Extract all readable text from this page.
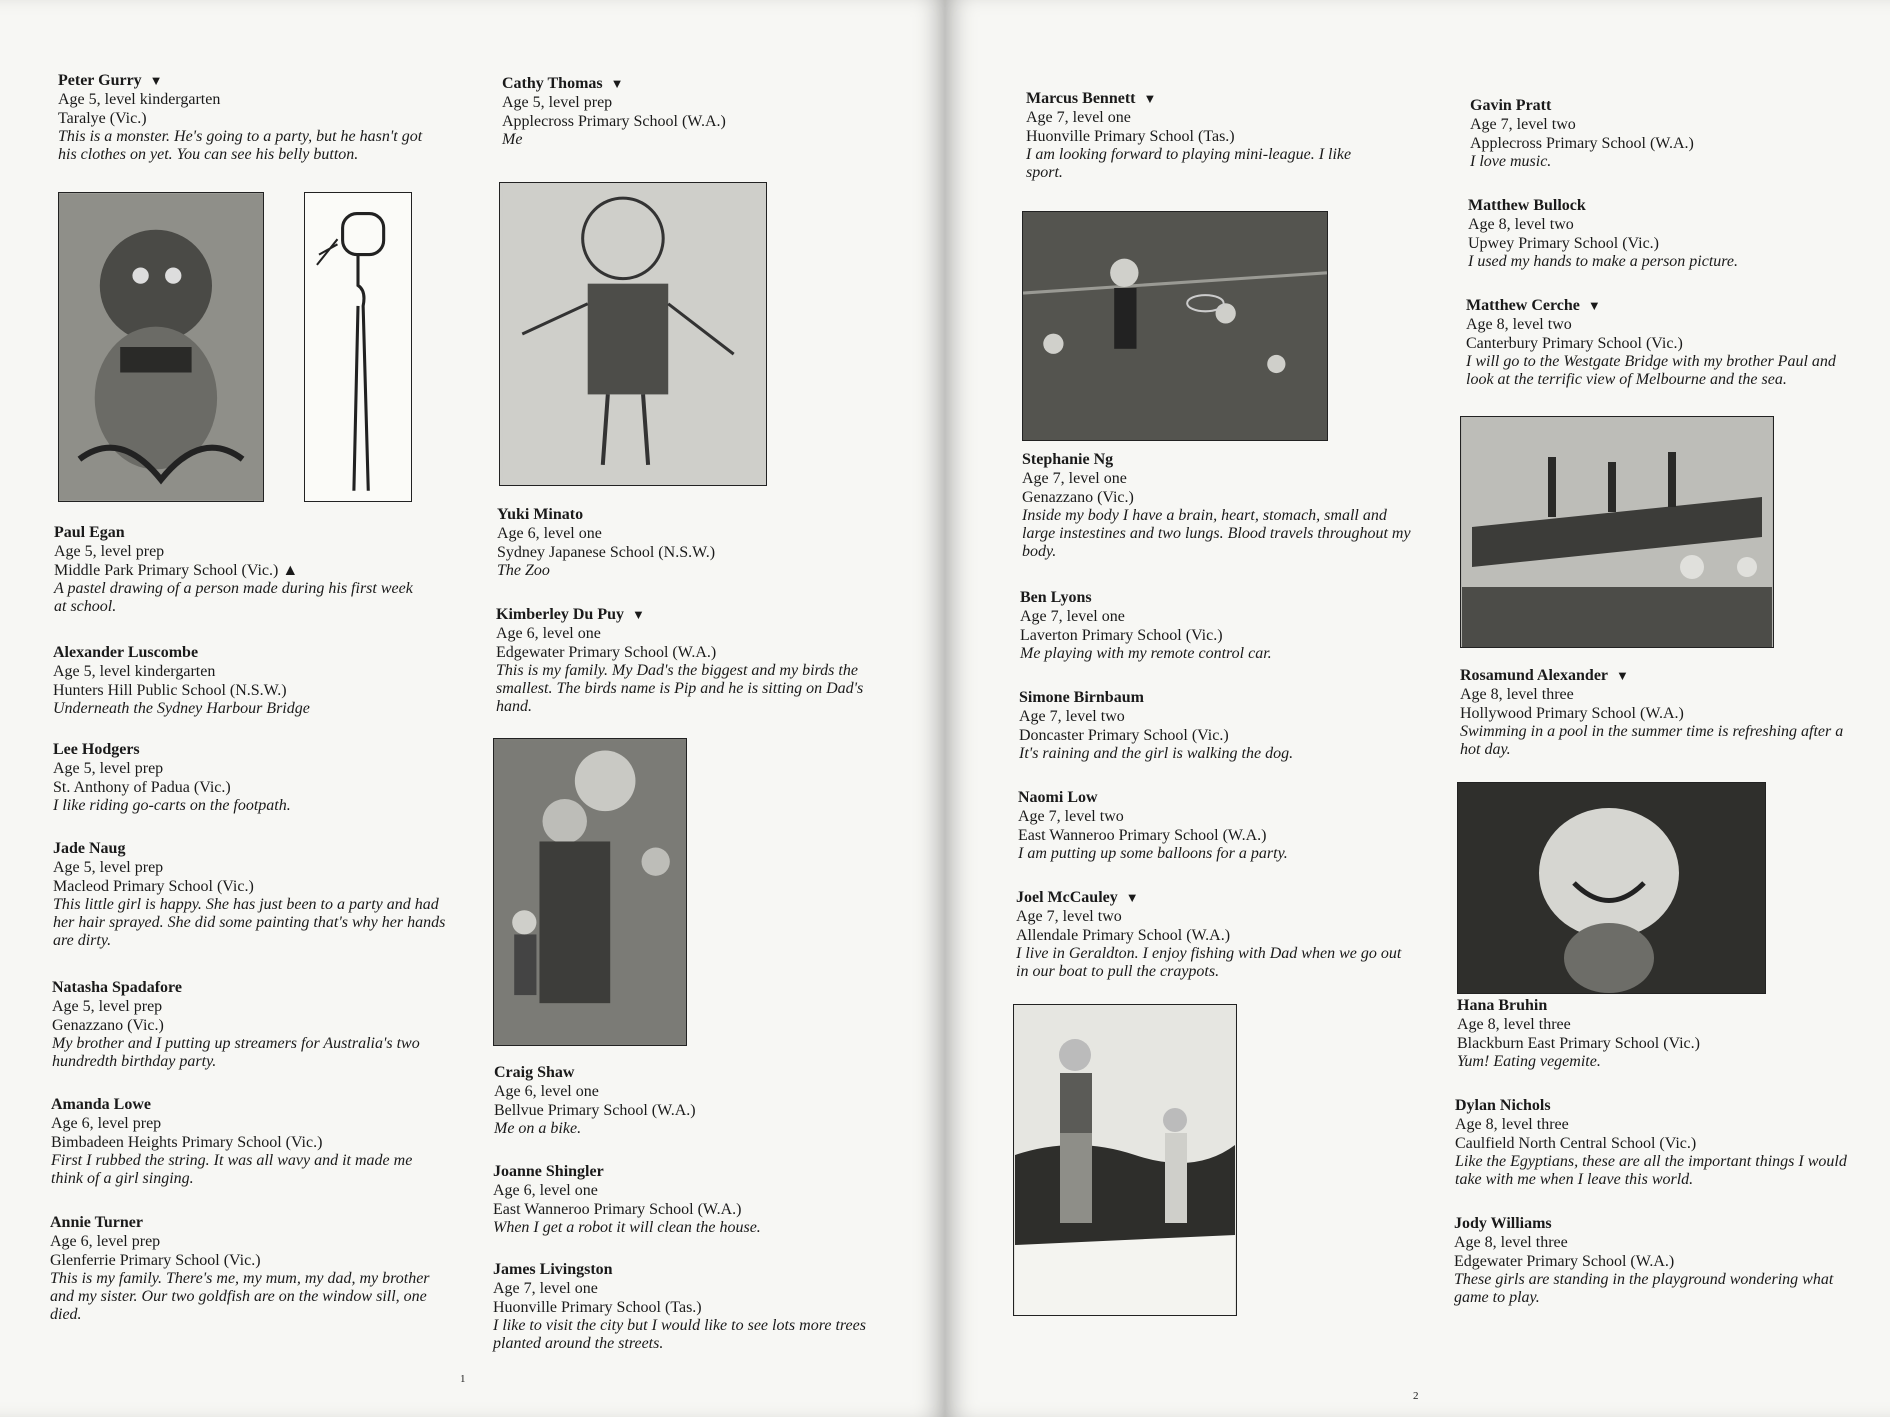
Peter Gurry ▼
Age 5, level kindergarten
Taralye (Vic.)
This is a monster. He's going to a party, but he hasn't got his clothes on yet. You can see his belly button.
Paul Egan
Age 5, level prep
Middle Park Primary School (Vic.) ▲
A pastel drawing of a person made during his first week at school.
Alexander Luscombe
Age 5, level kindergarten
Hunters Hill Public School (N.S.W.)
Underneath the Sydney Harbour Bridge
Lee Hodgers
Age 5, level prep
St. Anthony of Padua (Vic.)
I like riding go-carts on the footpath.
Jade Naug
Age 5, level prep
Macleod Primary School (Vic.)
This little girl is happy. She has just been to a party and had her hair sprayed. She did some painting that's why her hands are dirty.
Natasha Spadafore
Age 5, level prep
Genazzano (Vic.)
My brother and I putting up streamers for Australia's two hundredth birthday party.
Amanda Lowe
Age 6, level prep
Bimbadeen Heights Primary School (Vic.)
First I rubbed the string. It was all wavy and it made me think of a girl singing.
Annie Turner
Age 6, level prep
Glenferrie Primary School (Vic.)
This is my family. There's me, my mum, my dad, my brother and my sister. Our two goldfish are on the window sill, one died.
Cathy Thomas ▼
Age 5, level prep
Applecross Primary School (W.A.)
Me
Yuki Minato
Age 6, level one
Sydney Japanese School (N.S.W.)
The Zoo
Kimberley Du Puy ▼
Age 6, level one
Edgewater Primary School (W.A.)
This is my family. My Dad's the biggest and my birds the smallest. The birds name is Pip and he is sitting on Dad's hand.
Craig Shaw
Age 6, level one
Bellvue Primary School (W.A.)
Me on a bike.
Joanne Shingler
Age 6, level one
East Wanneroo Primary School (W.A.)
When I get a robot it will clean the house.
James Livingston
Age 7, level one
Huonville Primary School (Tas.)
I like to visit the city but I would like to see lots more trees planted around the streets.
Marcus Bennett ▼
Age 7, level one
Huonville Primary School (Tas.)
I am looking forward to playing mini-league. I like sport.
Stephanie Ng
Age 7, level one
Genazzano (Vic.)
Inside my body I have a brain, heart, stomach, small and large instestines and two lungs. Blood travels throughout my body.
Ben Lyons
Age 7, level one
Laverton Primary School (Vic.)
Me playing with my remote control car.
Simone Birnbaum
Age 7, level two
Doncaster Primary School (Vic.)
It's raining and the girl is walking the dog.
Naomi Low
Age 7, level two
East Wanneroo Primary School (W.A.)
I am putting up some balloons for a party.
Joel McCauley ▼
Age 7, level two
Allendale Primary School (W.A.)
I live in Geraldton. I enjoy fishing with Dad when we go out in our boat to pull the craypots.
Gavin Pratt
Age 7, level two
Applecross Primary School (W.A.)
I love music.
Matthew Bullock
Age 8, level two
Upwey Primary School (Vic.)
I used my hands to make a person picture.
Matthew Cerche ▼
Age 8, level two
Canterbury Primary School (Vic.)
I will go to the Westgate Bridge with my brother Paul and look at the terrific view of Melbourne and the sea.
Rosamund Alexander ▼
Age 8, level three
Hollywood Primary School (W.A.)
Swimming in a pool in the summer time is refreshing after a hot day.
Hana Bruhin
Age 8, level three
Blackburn East Primary School (Vic.)
Yum! Eating vegemite.
Dylan Nichols
Age 8, level three
Caulfield North Central School (Vic.)
Like the Egyptians, these are all the important things I would take with me when I leave this world.
Jody Williams
Age 8, level three
Edgewater Primary School (W.A.)
These girls are standing in the playground wondering what game to play.
1
2
